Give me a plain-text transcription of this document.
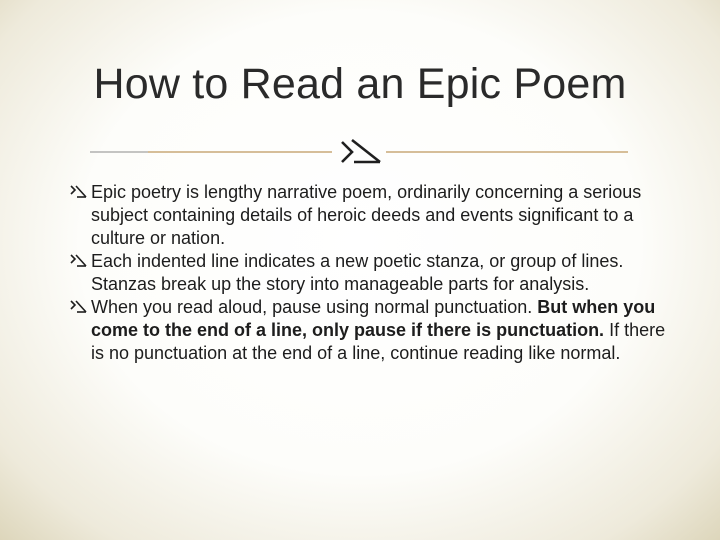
How to Read an Epic Poem
Epic poetry is lengthy narrative poem, ordinarily concerning a serious subject containing details of heroic deeds and events significant to a culture or nation.
Each indented line indicates a new poetic stanza, or group of lines. Stanzas break up the story into manageable parts for analysis.
When you read aloud, pause using normal punctuation. But when you come to the end of a line, only pause if there is punctuation. If there is no punctuation at the end of a line, continue reading like normal.
